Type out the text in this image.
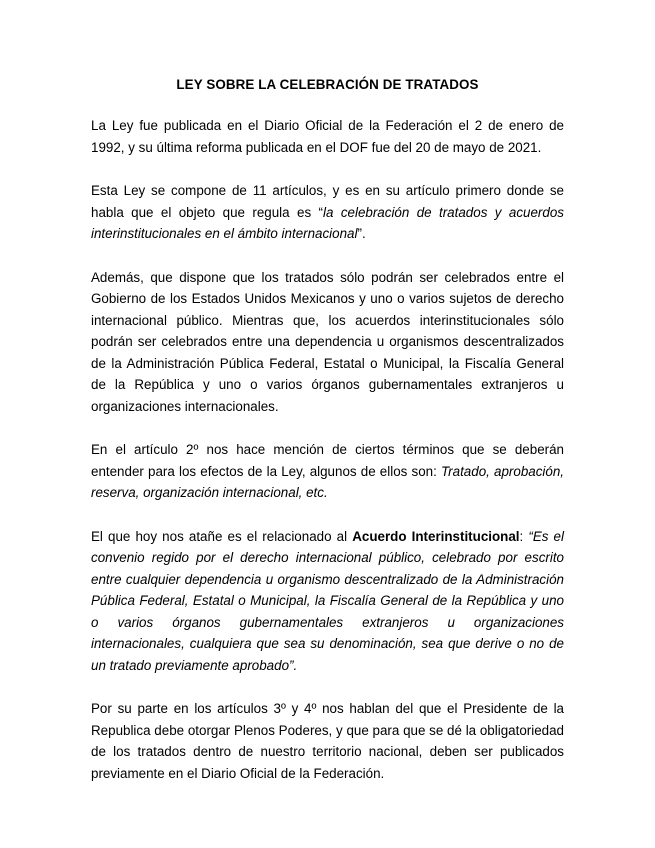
LEY SOBRE LA CELEBRACIÓN DE TRATADOS

La Ley fue publicada en el Diario Oficial de la Federación el 2 de enero de 1992, y su última reforma publicada en el DOF fue del 20 de mayo de 2021.

Esta Ley se compone de 11 artículos, y es en su artículo primero donde se habla que el objeto que regula es “la celebración de tratados y acuerdos interinstitucionales en el ámbito internacional”.

Además, que dispone que los tratados sólo podrán ser celebrados entre el Gobierno de los Estados Unidos Mexicanos y uno o varios sujetos de derecho internacional público. Mientras que, los acuerdos interinstitucionales sólo podrán ser celebrados entre una dependencia u organismos descentralizados de la Administración Pública Federal, Estatal o Municipal, la Fiscalía General de la República y uno o varios órganos gubernamentales extranjeros u organizaciones internacionales.

En el artículo 2º nos hace mención de ciertos términos que se deberán entender para los efectos de la Ley, algunos de ellos son: Tratado, aprobación, reserva, organización internacional, etc.

El que hoy nos atañe es el relacionado al Acuerdo Interinstitucional: “Es el convenio regido por el derecho internacional público, celebrado por escrito entre cualquier dependencia u organismo descentralizado de la Administración Pública Federal, Estatal o Municipal, la Fiscalía General de la República y uno o varios órganos gubernamentales extranjeros u organizaciones internacionales, cualquiera que sea su denominación, sea que derive o no de un tratado previamente aprobado”.

Por su parte en los artículos 3º y 4º nos hablan del que el Presidente de la Republica debe otorgar Plenos Poderes, y que para que se dé la obligatoriedad de los tratados dentro de nuestro territorio nacional, deben ser publicados previamente en el Diario Oficial de la Federación.
